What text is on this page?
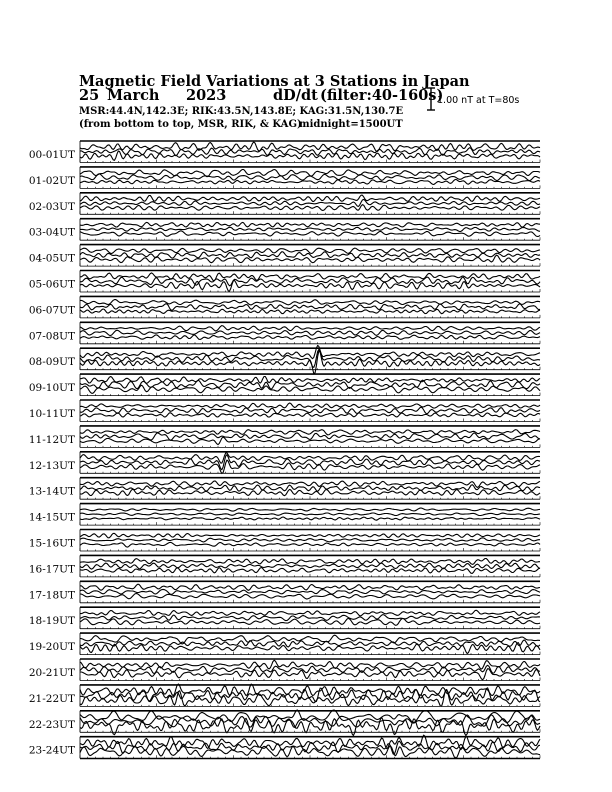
Magnetic Field Variations at 3 Stations in Japan
25 March 2023	dD/dt (filter:40-160s)
MSR:44.4N,142.3E; RIK:43.5N,143.8E; KAG:31.5N,130.7E
(from bottom to top, MSR, RIK, & KAG)
midnight=1500UT
1.00 nT at T=80s
00-01UT
01-02UT
02-03UT
03-04UT
04-05UT
05-06UT
06-07UT
07-08UT
08-09UT
09-10UT
10-11UT
11-12UT
12-13UT
13-14UT
14-15UT
15-16UT
16-17UT
17-18UT
18-19UT
19-20UT
20-21UT
21-22UT
22-23UT
23-24UT
